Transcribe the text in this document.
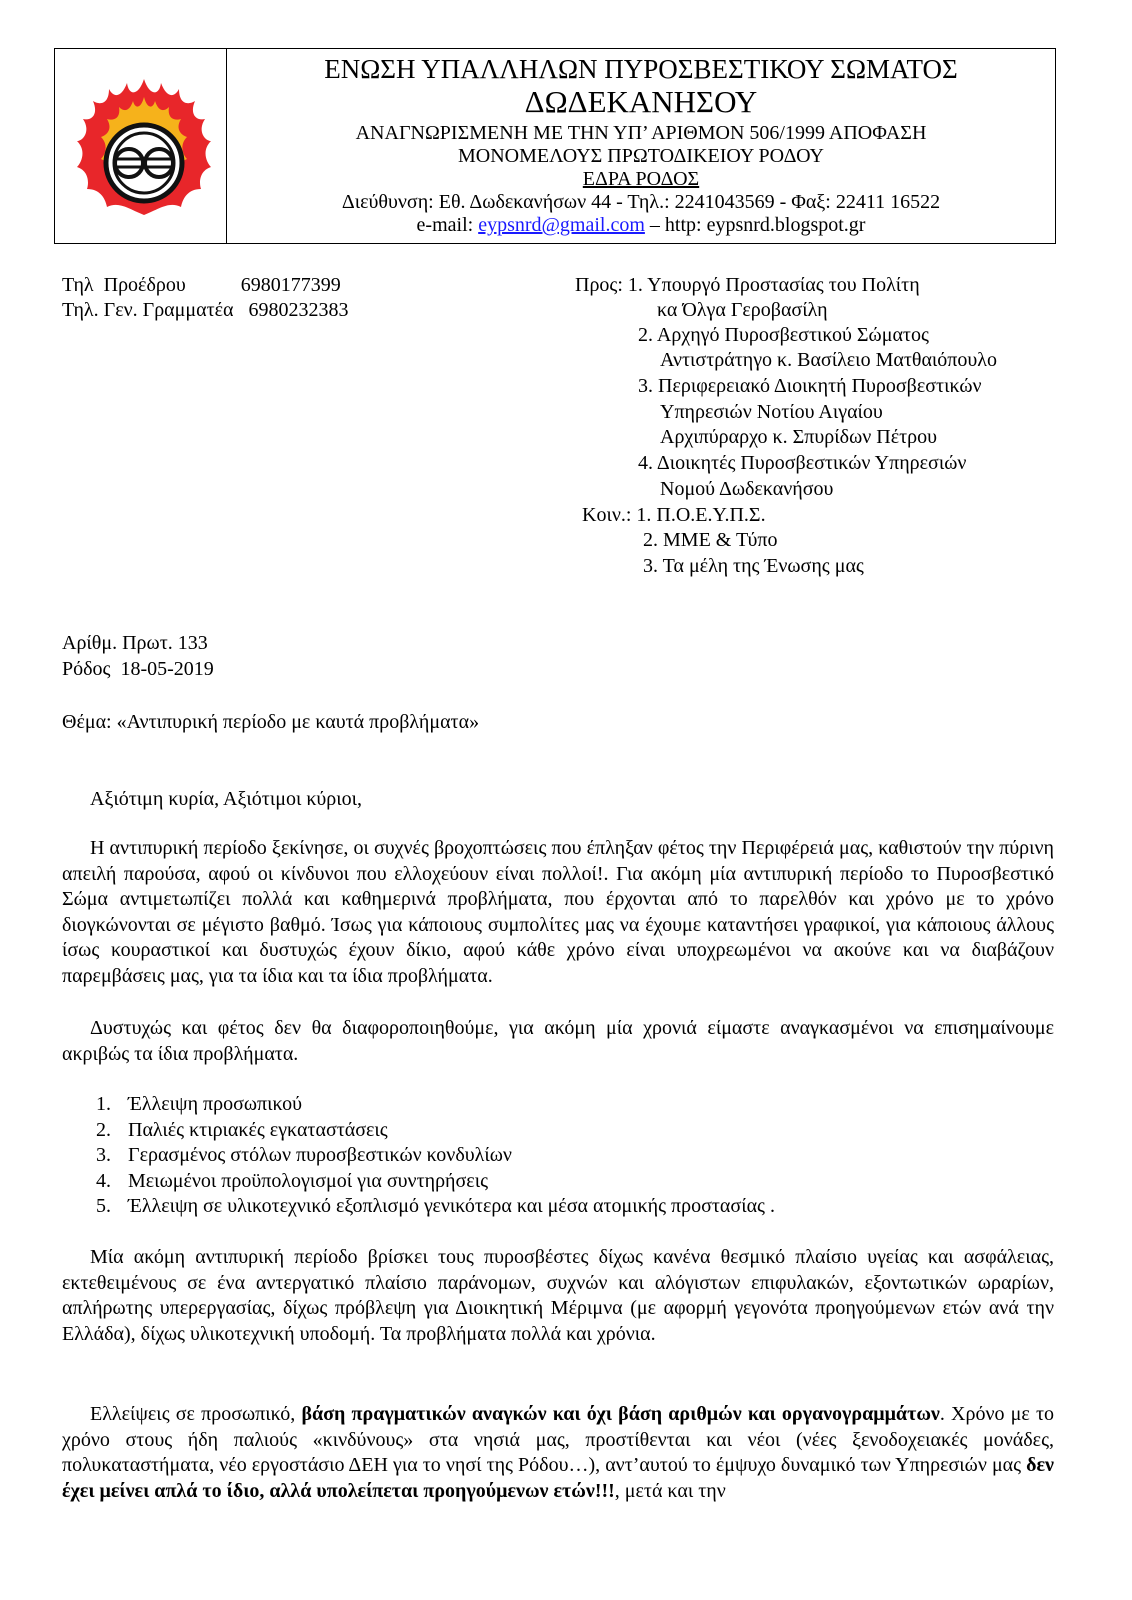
ΕΝΩΣΗ ΥΠΑΛΛΗΛΩΝ ΠΥΡΟΣΒΕΣΤΙΚΟΥ ΣΩΜΑΤΟΣ
ΔΩΔΕΚΑΝΗΣΟΥ
ΑΝΑΓΝΩΡΙΣΜΕΝΗ ΜΕ ΤΗΝ ΥΠ’ ΑΡΙΘΜΟΝ 506/1999 ΑΠΟΦΑΣΗ
ΜΟΝΟΜΕΛΟΥΣ ΠΡΩΤΟΔΙΚΕΙΟΥ ΡΟΔΟΥ
ΕΔΡΑ ΡΟΔΟΣ
Διεύθυνση: Εθ. Δωδεκανήσων 44 - Τηλ.: 2241043569 - Φαξ: 22411 16522
e-mail: eypsnrd@gmail.com – http: eypsnrd.blogspot.gr
Τηλ  Προέδρου           6980177399
Τηλ. Γεν. Γραμματέα   6980232383
Προς: 1. Υπουργό Προστασίας του Πολίτη
κα Όλγα Γεροβασίλη
2. Αρχηγό Πυροσβεστικού Σώματος
Αντιστράτηγο κ. Βασίλειο Ματθαιόπουλο
3. Περιφερειακό Διοικητή Πυροσβεστικών
Υπηρεσιών Νοτίου Αιγαίου
Αρχιπύραρχο κ. Σπυρίδων Πέτρου
4. Διοικητές Πυροσβεστικών Υπηρεσιών
Νομού Δωδεκανήσου
Κοιν.: 1. Π.Ο.Ε.Υ.Π.Σ.
2. ΜΜΕ & Τύπο
3. Τα μέλη της Ένωσης μας
Αρίθμ. Πρωτ. 133
Ρόδος  18-05-2019
Θέμα: «Αντιπυρική περίοδο με καυτά προβλήματα»
Αξιότιμη κυρία, Αξιότιμοι κύριοι,

Η αντιπυρική περίοδο ξεκίνησε, οι συχνές βροχοπτώσεις που έπληξαν φέτος την Περιφέρειά μας, καθιστούν την πύρινη απειλή παρούσα, αφού οι κίνδυνοι που ελλοχεύουν είναι πολλοί!. Για ακόμη μία αντιπυρική περίοδο το Πυροσβεστικό Σώμα αντιμετωπίζει πολλά και καθημερινά προβλήματα, που έρχονται από το παρελθόν και χρόνο με το χρόνο διογκώνονται σε μέγιστο βαθμό. Ίσως για κάποιους συμπολίτες μας να έχουμε καταντήσει γραφικοί, για κάποιους άλλους ίσως κουραστικοί και δυστυχώς έχουν δίκιο, αφού κάθε χρόνο είναι υποχρεωμένοι να ακούνε και να διαβάζουν παρεμβάσεις μας, για τα ίδια και τα ίδια προβλήματα.

Δυστυχώς και φέτος δεν θα διαφοροποιηθούμε, για ακόμη μία χρονιά είμαστε αναγκασμένοι να επισημαίνουμε ακριβώς τα ίδια προβλήματα.

1. Έλλειψη προσωπικού
2. Παλιές κτιριακές εγκαταστάσεις
3. Γερασμένος στόλων πυροσβεστικών κονδυλίων
4. Μειωμένοι προϋπολογισμοί για συντηρήσεις
5. Έλλειψη σε υλικοτεχνικό εξοπλισμό γενικότερα και μέσα ατομικής προστασίας .

Μία ακόμη αντιπυρική περίοδο βρίσκει τους πυροσβέστες δίχως κανένα θεσμικό πλαίσιο υγείας και ασφάλειας, εκτεθειμένους σε ένα αντεργατικό πλαίσιο παράνομων, συχνών και αλόγιστων επιφυλακών, εξοντωτικών ωραρίων, απλήρωτης υπερεργασίας, δίχως πρόβλεψη για Διοικητική Μέριμνα (με αφορμή γεγονότα προηγούμενων ετών ανά την Ελλάδα), δίχως υλικοτεχνική υποδομή. Τα προβλήματα πολλά και χρόνια.

Ελλείψεις σε προσωπικό, βάση πραγματικών αναγκών και όχι βάση αριθμών και οργανογραμμάτων. Χρόνο με το χρόνο στους ήδη παλιούς «κινδύνους» στα νησιά μας, προστίθενται και νέοι (νέες ξενοδοχειακές μονάδες, πολυκαταστήματα, νέο εργοστάσιο ΔΕΗ για το νησί της Ρόδου…), αντ’αυτού το έμψυχο δυναμικό των Υπηρεσιών μας δεν έχει μείνει απλά το ίδιο, αλλά υπολείπεται προηγούμενων ετών!!!, μετά και την
